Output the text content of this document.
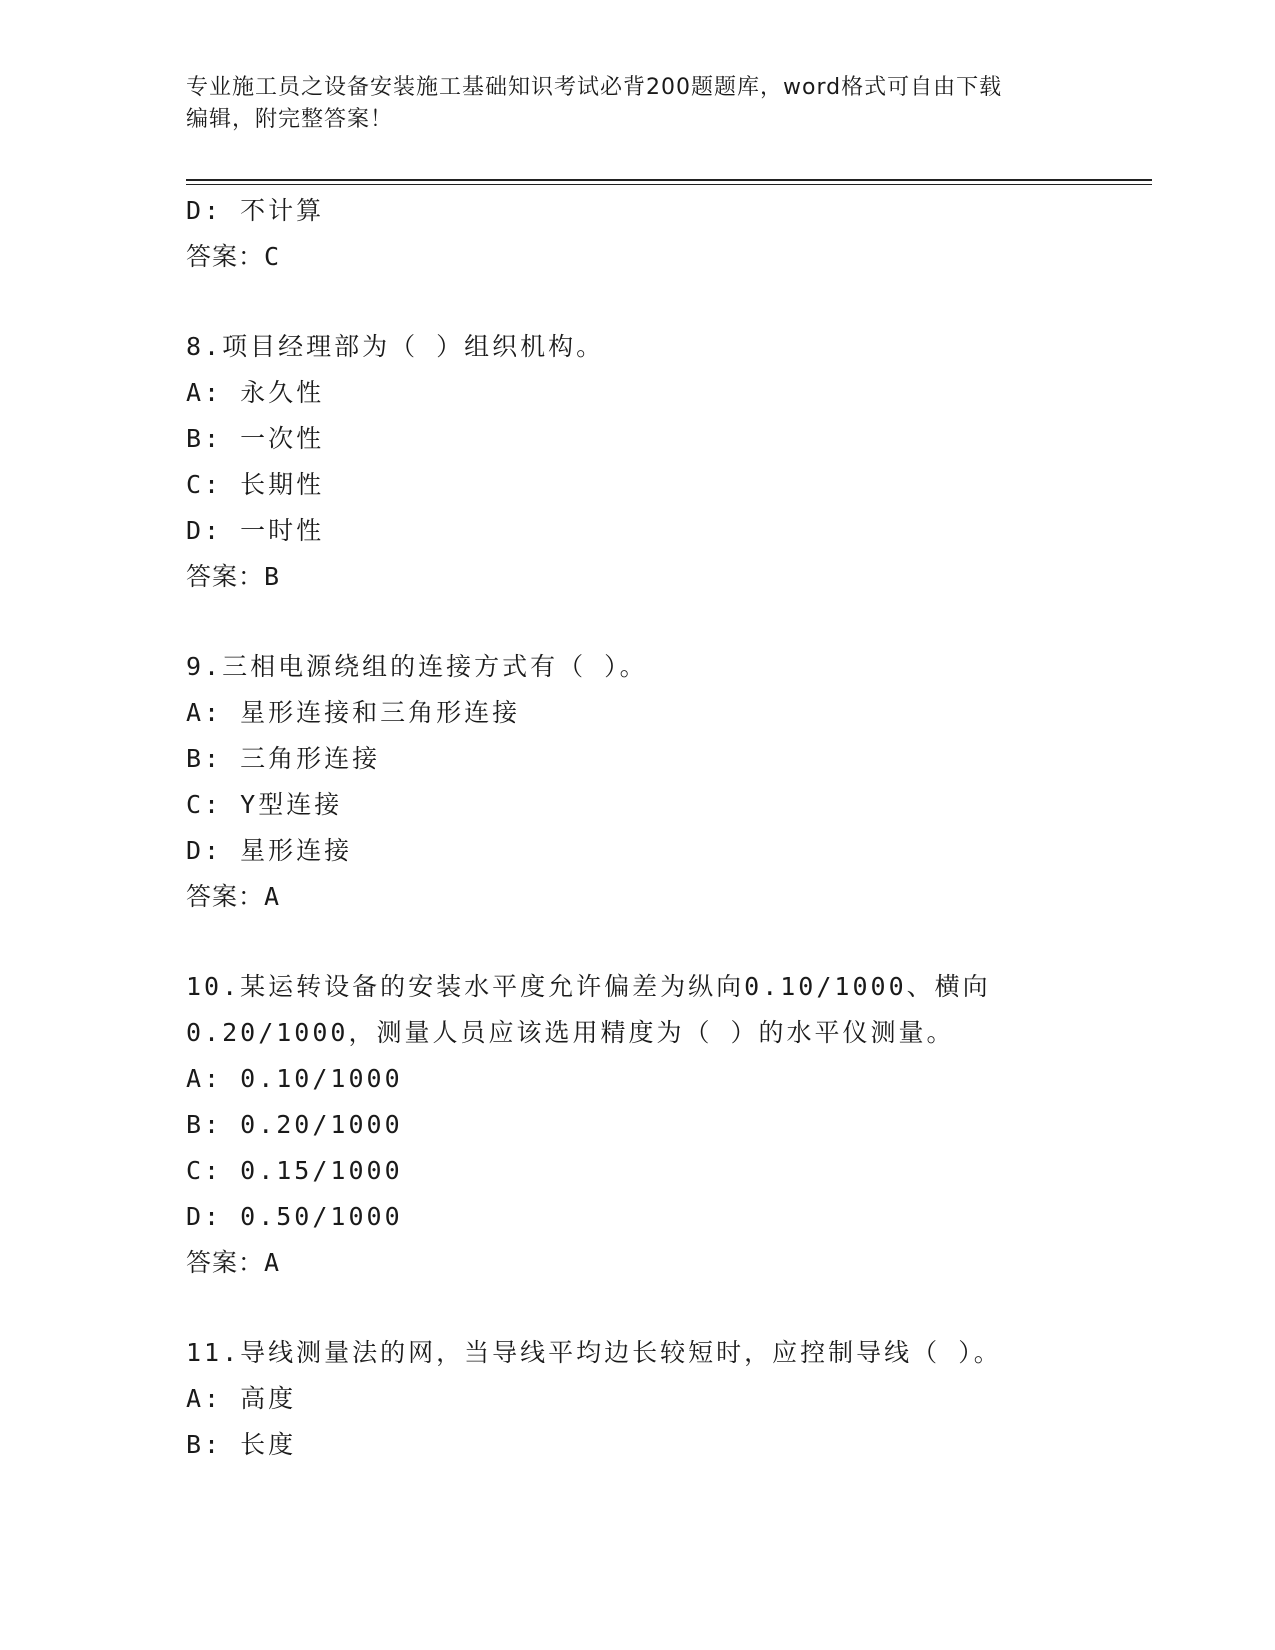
专业施工员之设备安装施工基础知识考试必背200题题库，word格式可自由下载
编辑，附完整答案！
D: 不计算
答案：C
8.项目经理部为（ ）组织机构。
A: 永久性
B: 一次性
C: 长期性
D: 一时性
答案：B
9.三相电源绕组的连接方式有（ ）。
A: 星形连接和三角形连接
B: 三角形连接
C: Y型连接
D: 星形连接
答案：A
10.某运转设备的安装水平度允许偏差为纵向0.10/1000、横向
0.20/1000，测量人员应该选用精度为（ ）的水平仪测量。
A: 0.10/1000
B: 0.20/1000
C: 0.15/1000
D: 0.50/1000
答案：A
11.导线测量法的网，当导线平均边长较短时，应控制导线（ ）。
A: 高度
B: 长度
